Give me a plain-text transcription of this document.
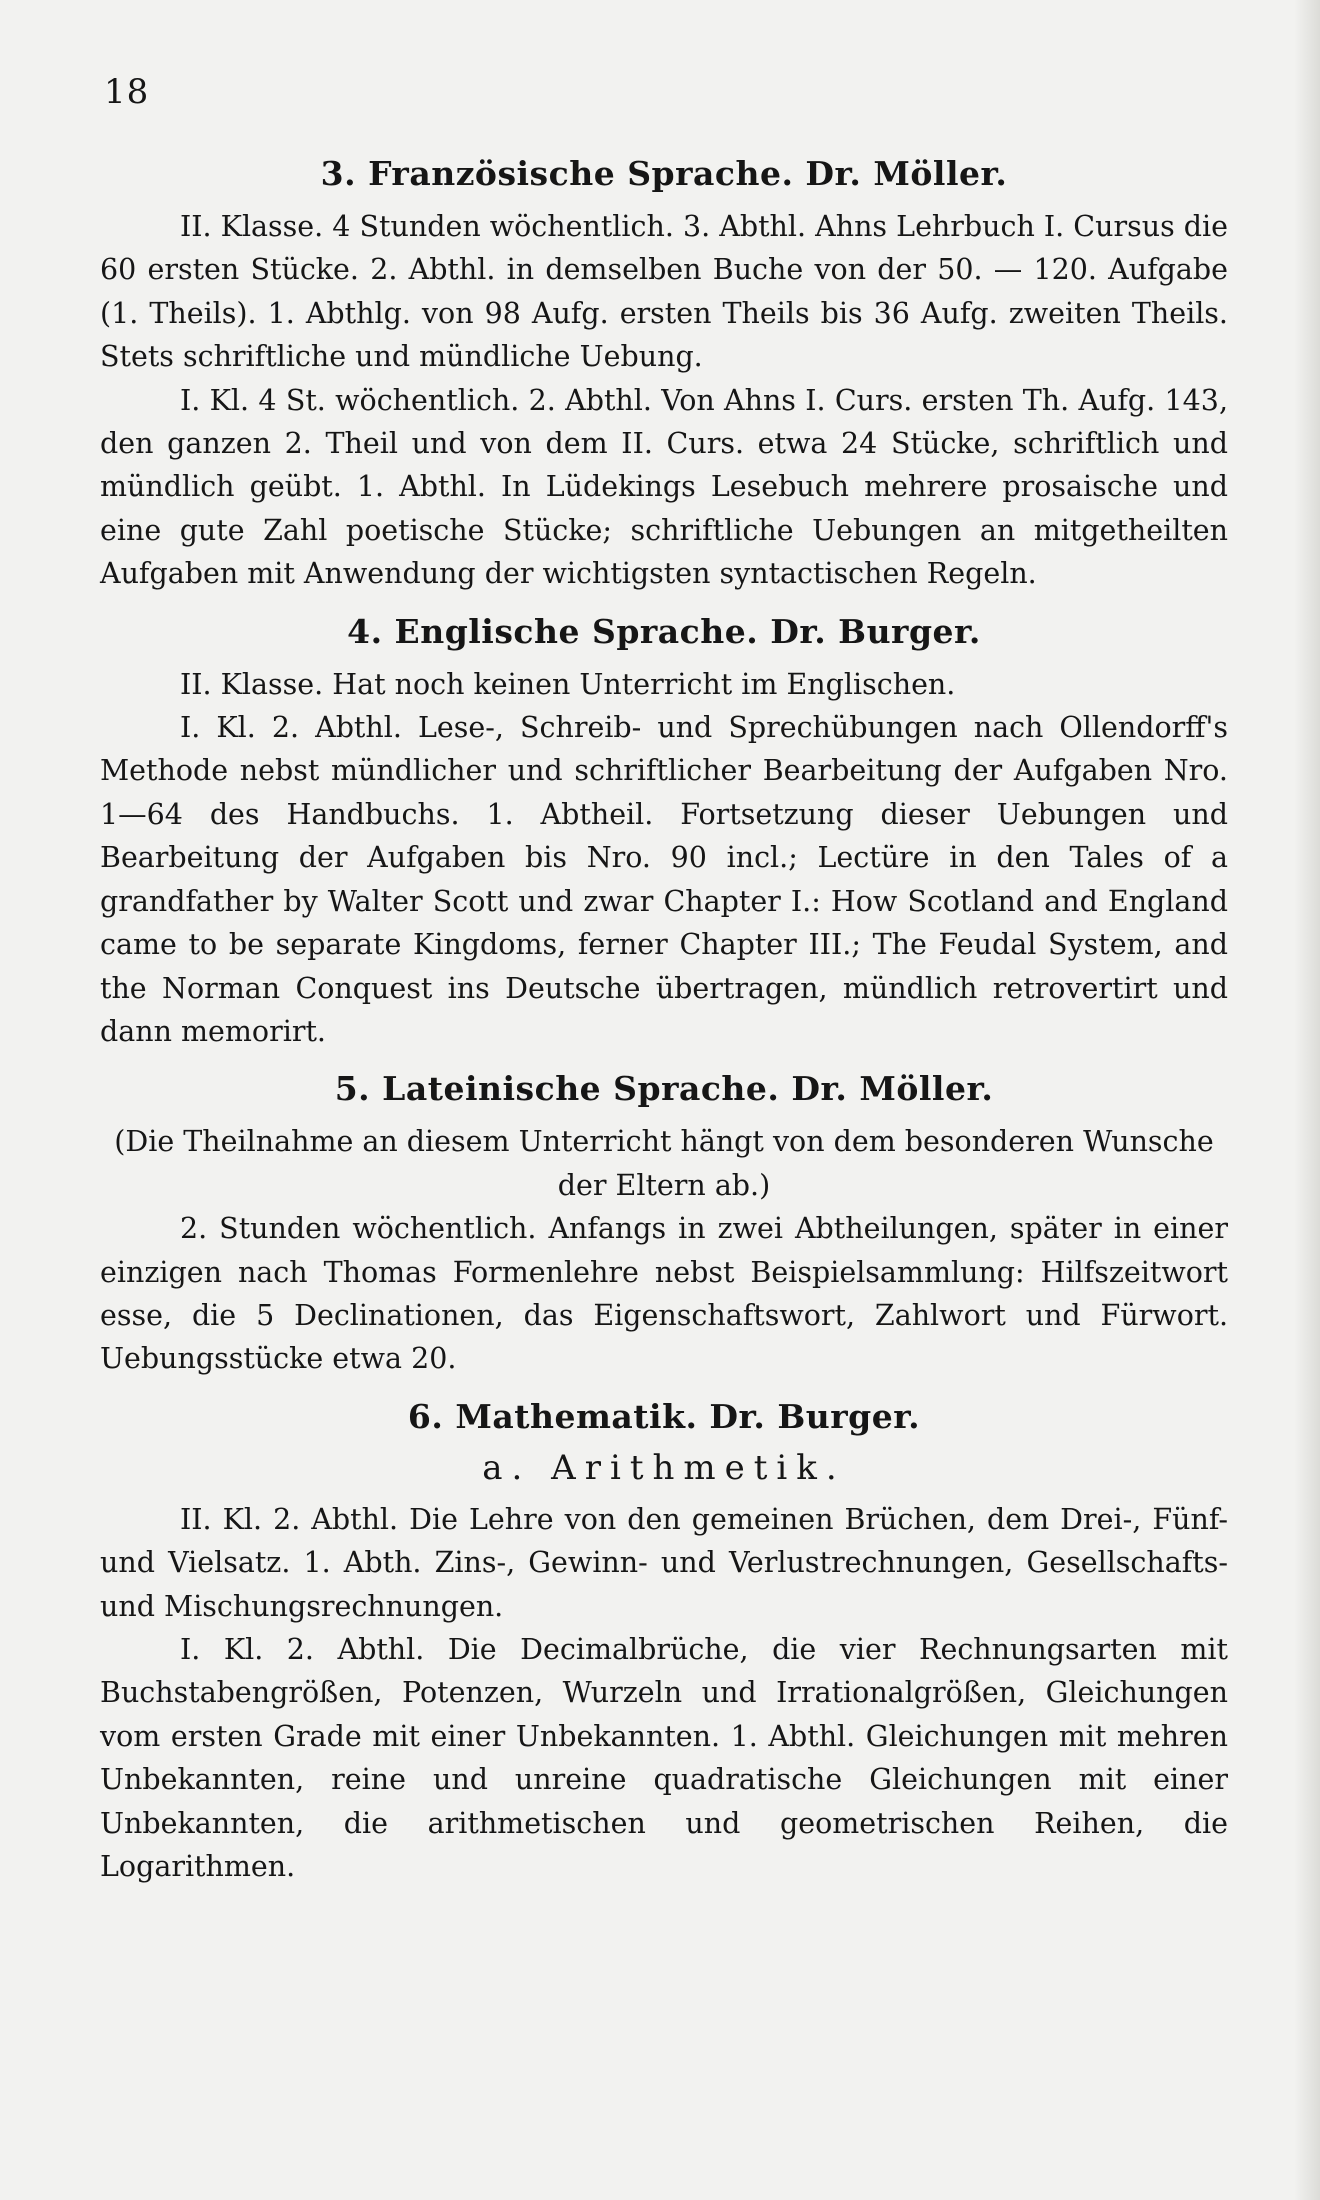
18
3. Französische Sprache. Dr. Möller.

II. Klasse. 4 Stunden wöchentlich. 3. Abthl. Ahns Lehrbuch I. Cursus die 60 ersten Stücke. 2. Abthl. in demselben Buche von der 50. — 120. Aufgabe (1. Theils). 1. Abthlg. von 98 Aufg. ersten Theils bis 36 Aufg. zweiten Theils. Stets schriftliche und mündliche Uebung.

I. Kl. 4 St. wöchentlich. 2. Abthl. Von Ahns I. Curs. ersten Th. Aufg. 143, den ganzen 2. Theil und von dem II. Curs. etwa 24 Stücke, schriftlich und mündlich geübt. 1. Abthl. In Lüdekings Lesebuch mehrere prosaische und eine gute Zahl poetische Stücke; schriftliche Uebungen an mitgetheilten Aufgaben mit Anwendung der wichtigsten syntactischen Regeln.

4. Englische Sprache. Dr. Burger.

II. Klasse. Hat noch keinen Unterricht im Englischen.

I. Kl. 2. Abthl. Lese-, Schreib- und Sprechübungen nach Ollendorff's Methode nebst mündlicher und schriftlicher Bearbeitung der Aufgaben Nro. 1—64 des Handbuchs. 1. Abtheil. Fortsetzung dieser Uebungen und Bearbeitung der Aufgaben bis Nro. 90 incl.; Lectüre in den Tales of a grandfather by Walter Scott und zwar Chapter I.: How Scotland and England came to be separate Kingdoms, ferner Chapter III.; The Feudal System, and the Norman Conquest ins Deutsche übertragen, mündlich retrovertirt und dann memorirt.

5. Lateinische Sprache. Dr. Möller.

(Die Theilnahme an diesem Unterricht hängt von dem besonderen Wunsche der Eltern ab.)

2. Stunden wöchentlich. Anfangs in zwei Abtheilungen, später in einer einzigen nach Thomas Formenlehre nebst Beispielsammlung: Hilfszeitwort esse, die 5 Declinationen, das Eigenschaftswort, Zahlwort und Fürwort. Uebungsstücke etwa 20.

6. Mathematik. Dr. Burger.
a. Arithmetik.

II. Kl. 2. Abthl. Die Lehre von den gemeinen Brüchen, dem Drei-, Fünf- und Vielsatz. 1. Abth. Zins-, Gewinn- und Verlustrechnungen, Gesellschafts- und Mischungsrechnungen.

I. Kl. 2. Abthl. Die Decimalbrüche, die vier Rechnungsarten mit Buchstabengrößen, Potenzen, Wurzeln und Irrationalgrößen, Gleichungen vom ersten Grade mit einer Unbekannten. 1. Abthl. Gleichungen mit mehren Unbekannten, reine und unreine quadratische Gleichungen mit einer Unbekannten, die arithmetischen und geometrischen Reihen, die Logarithmen.
